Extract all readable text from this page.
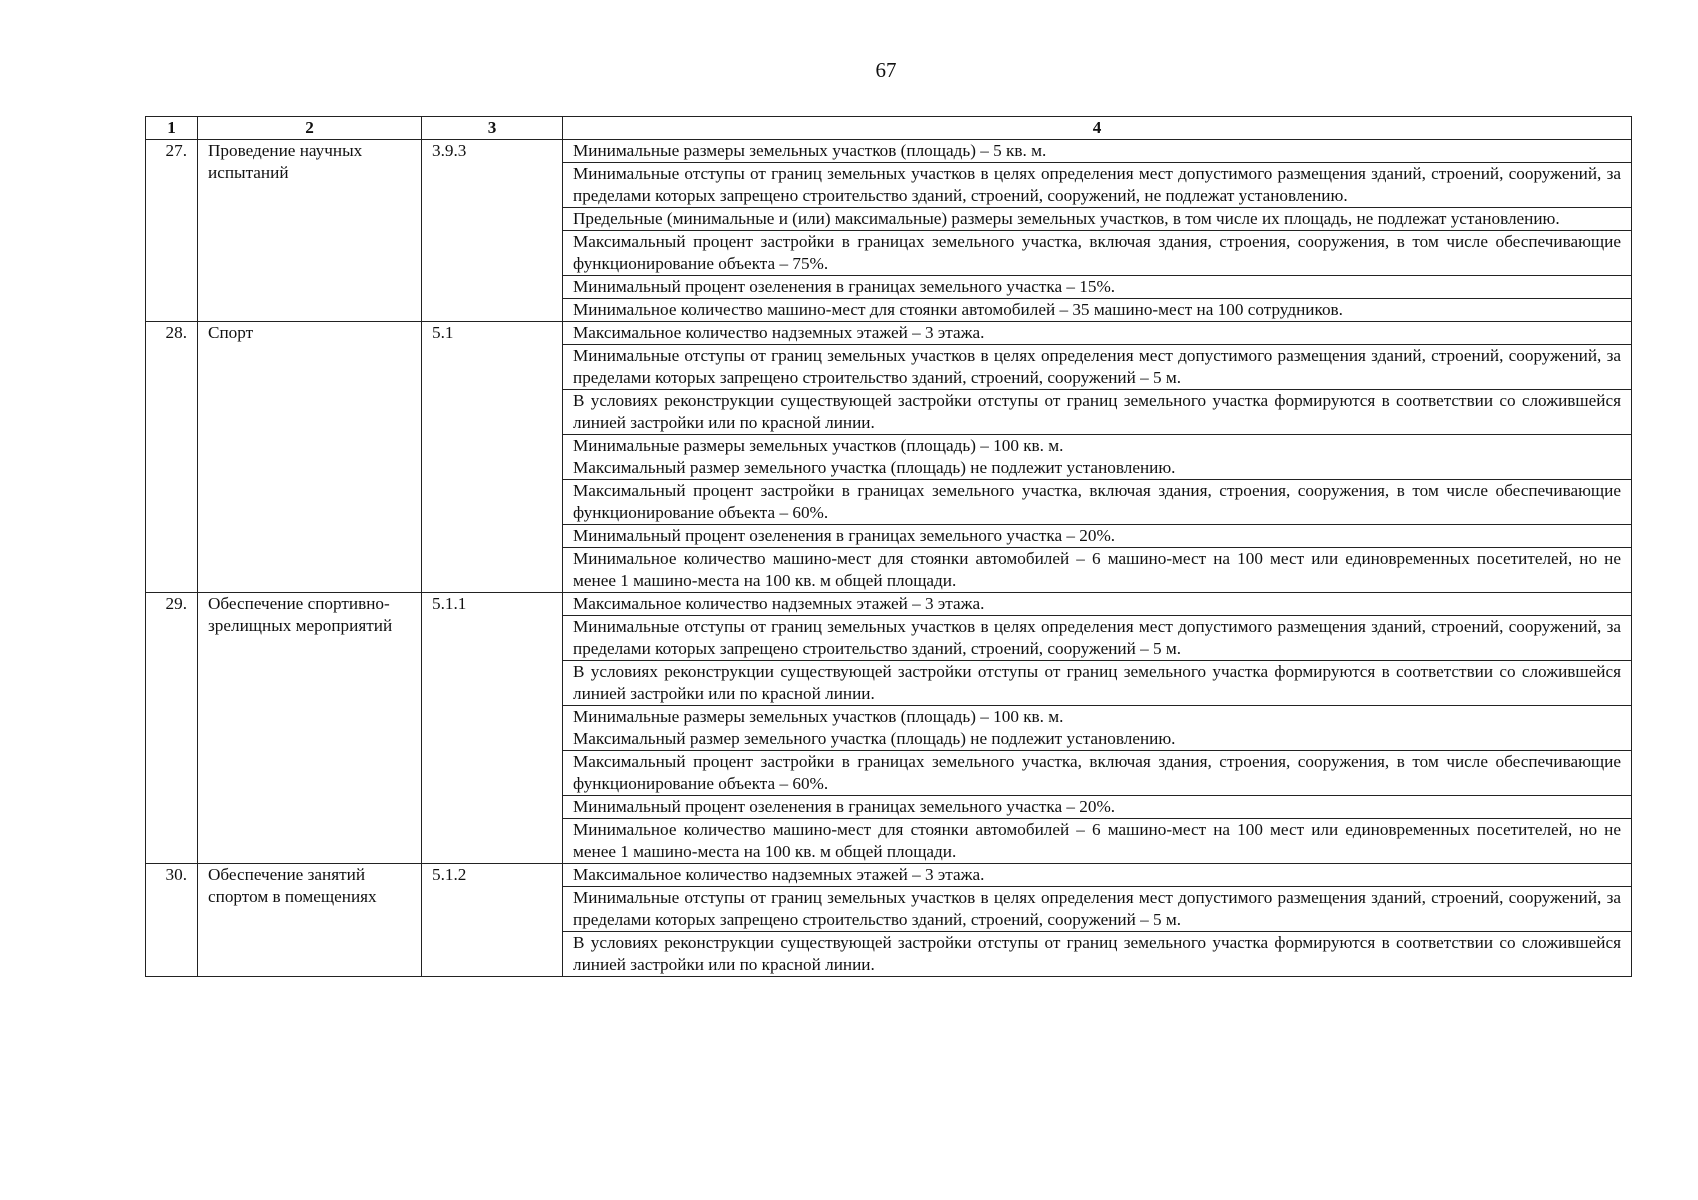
67
1	2	3	4
27.	Проведение научных испытаний	3.9.3	Минимальные размеры земельных участков (площадь) – 5 кв. м.

			Минимальные отступы от границ земельных участков в целях определения мест допустимого размещения зданий, строений, сооружений, за пределами которых запрещено строительство зданий, строений, сооружений, не подлежат установлению.

			Предельные (минимальные и (или) максимальные) размеры земельных участков, в том числе их площадь, не подлежат установлению.

			Максимальный процент застройки в границах земельного участка, включая здания, строения, сооружения, в том числе обеспечивающие функционирование объекта – 75%.

			Минимальный процент озеленения в границах земельного участка – 15%.

			Минимальное количество машино-мест для стоянки автомобилей – 35 машино-мест на 100 сотрудников.

28.	Спорт	5.1	Максимальное количество надземных этажей – 3 этажа.

			Минимальные отступы от границ земельных участков в целях определения мест допустимого размещения зданий, строений, сооружений, за пределами которых запрещено строительство зданий, строений, сооружений – 5 м.

			В условиях реконструкции существующей застройки отступы от границ земельного участка формируются в соответствии со сложившейся линией застройки или по красной линии.

			Минимальные размеры земельных участков (площадь) – 100 кв. м.
Максимальный размер земельного участка (площадь) не подлежит установлению.

			Максимальный процент застройки в границах земельного участка, включая здания, строения, сооружения, в том числе обеспечивающие функционирование объекта – 60%.

			Минимальный процент озеленения в границах земельного участка – 20%.

			Минимальное количество машино-мест для стоянки автомобилей – 6 машино-мест на 100 мест или единовременных посетителей, но не менее 1 машино-места на 100 кв. м общей площади.

29.	Обеспечение спортивно-зрелищных мероприятий	5.1.1	Максимальное количество надземных этажей – 3 этажа.

			Минимальные отступы от границ земельных участков в целях определения мест допустимого размещения зданий, строений, сооружений, за пределами которых запрещено строительство зданий, строений, сооружений – 5 м.

			В условиях реконструкции существующей застройки отступы от границ земельного участка формируются в соответствии со сложившейся линией застройки или по красной линии.

			Минимальные размеры земельных участков (площадь) – 100 кв. м.
Максимальный размер земельного участка (площадь) не подлежит установлению.

			Максимальный процент застройки в границах земельного участка, включая здания, строения, сооружения, в том числе обеспечивающие функционирование объекта – 60%.

			Минимальный процент озеленения в границах земельного участка – 20%.

			Минимальное количество машино-мест для стоянки автомобилей – 6 машино-мест на 100 мест или единовременных посетителей, но не менее 1 машино-места на 100 кв. м общей площади.

30.	Обеспечение занятий спортом в помещениях	5.1.2	Максимальное количество надземных этажей – 3 этажа.

			Минимальные отступы от границ земельных участков в целях определения мест допустимого размещения зданий, строений, сооружений, за пределами которых запрещено строительство зданий, строений, сооружений – 5 м.

			В условиях реконструкции существующей застройки отступы от границ земельного участка формируются в соответствии со сложившейся линией застройки или по красной линии.
